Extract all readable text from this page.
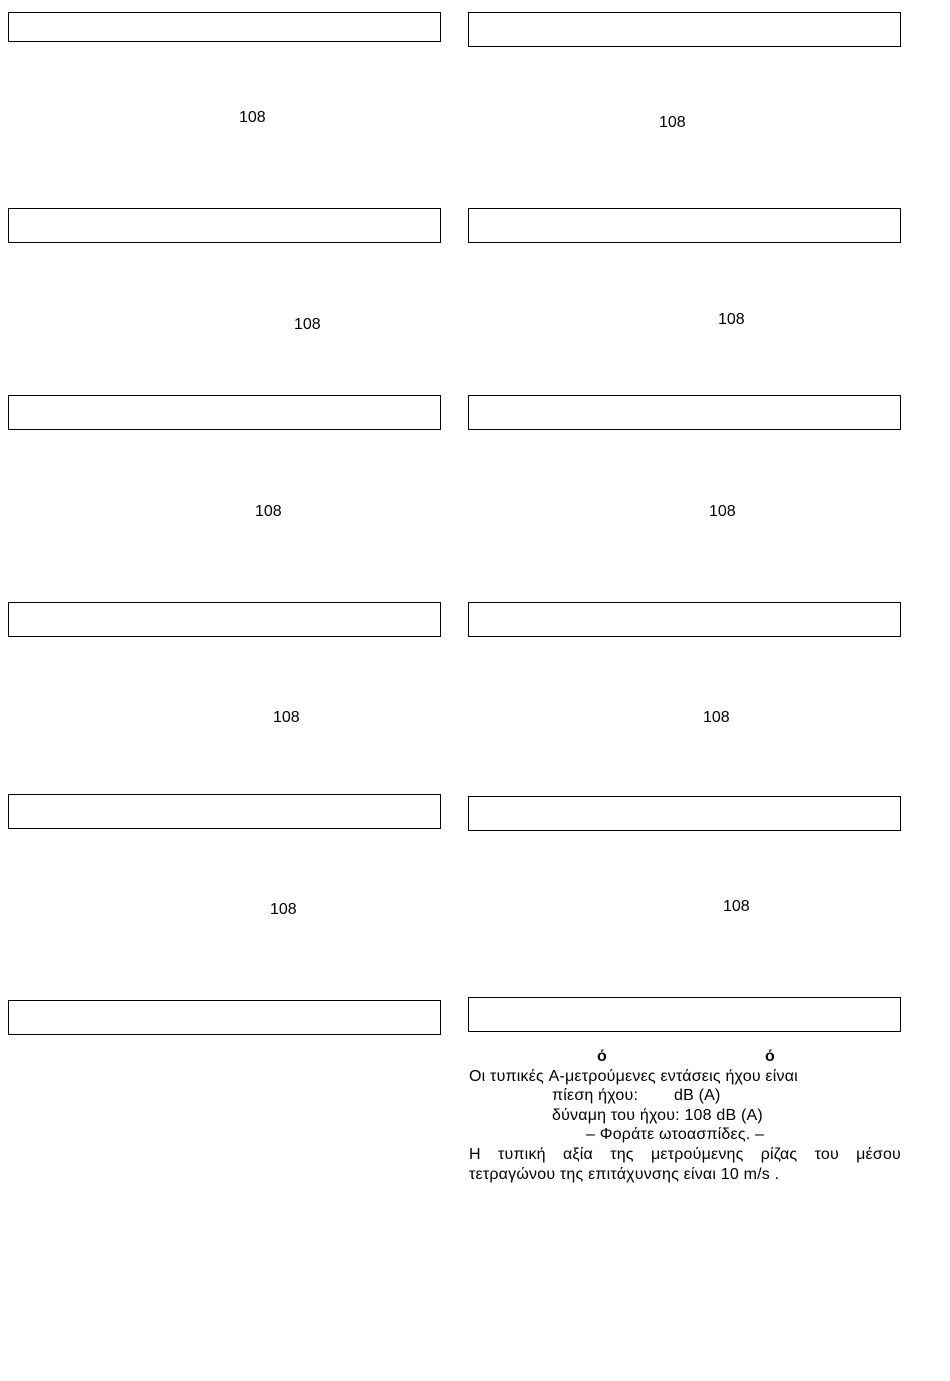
108
108
108
108
108
108
108
108
108
108
ό	ό
Οι τυπικές A-μετρούμενες εντάσεις ήχου είναι
πίεση ήχου: dB (A)
δύναμη του ήχου: 108 dB (A)
– Φοράτε ωτοασπίδες. –
Η τυπική αξία της μετρούμενης ρίζας του μέσου
τετραγώνου της επιτάχυνσης είναι 10 m/s .
